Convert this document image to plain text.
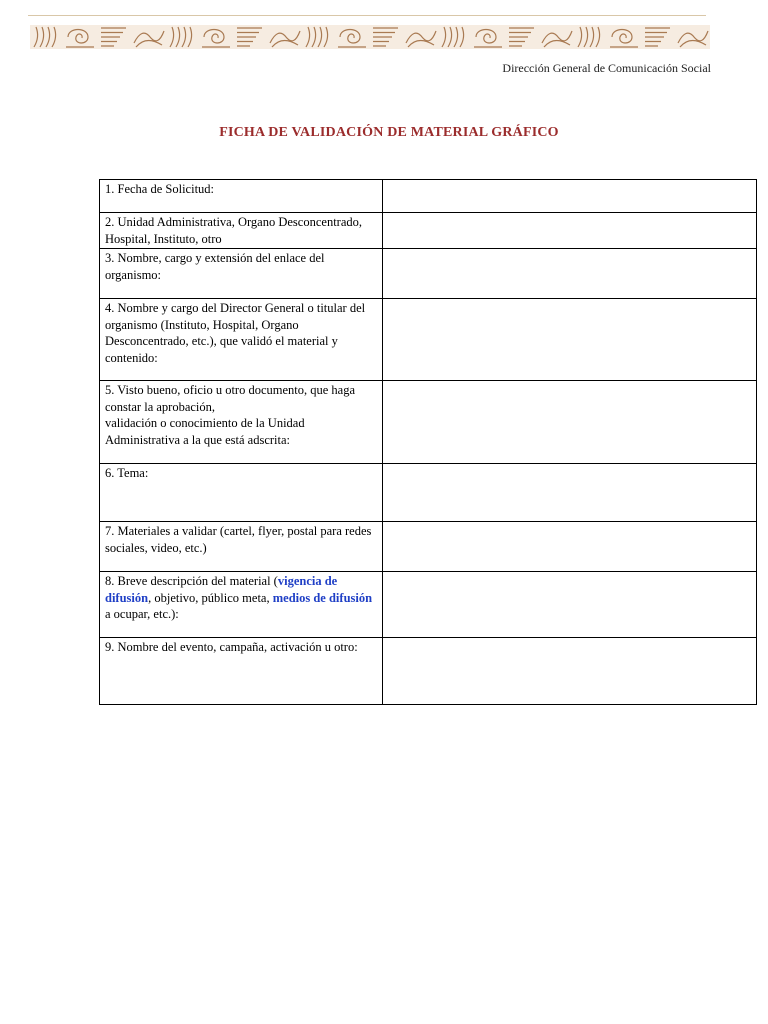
Dirección General de Comunicación Social
FICHA DE VALIDACIÓN DE MATERIAL GRÁFICO
1. Fecha de Solicitud:	
2. Unidad Administrativa, Organo Desconcentrado, Hospital, Instituto, otro	
3. Nombre, cargo y extensión del enlace del organismo:	
4. Nombre y cargo del Director General o titular del organismo (Instituto, Hospital, Organo Desconcentrado, etc.), que validó el material y contenido:	
5. Visto bueno, oficio u otro documento, que haga constar la aprobación,
validación o conocimiento de la Unidad Administrativa a la que está adscrita:	
6. Tema:	
7. Materiales a validar (cartel, flyer, postal para redes sociales, video, etc.)	
8. Breve descripción del material (vigencia de difusión, objetivo, público meta, medios de difusión a ocupar, etc.):	
9. Nombre del evento, campaña, activación u otro:	
